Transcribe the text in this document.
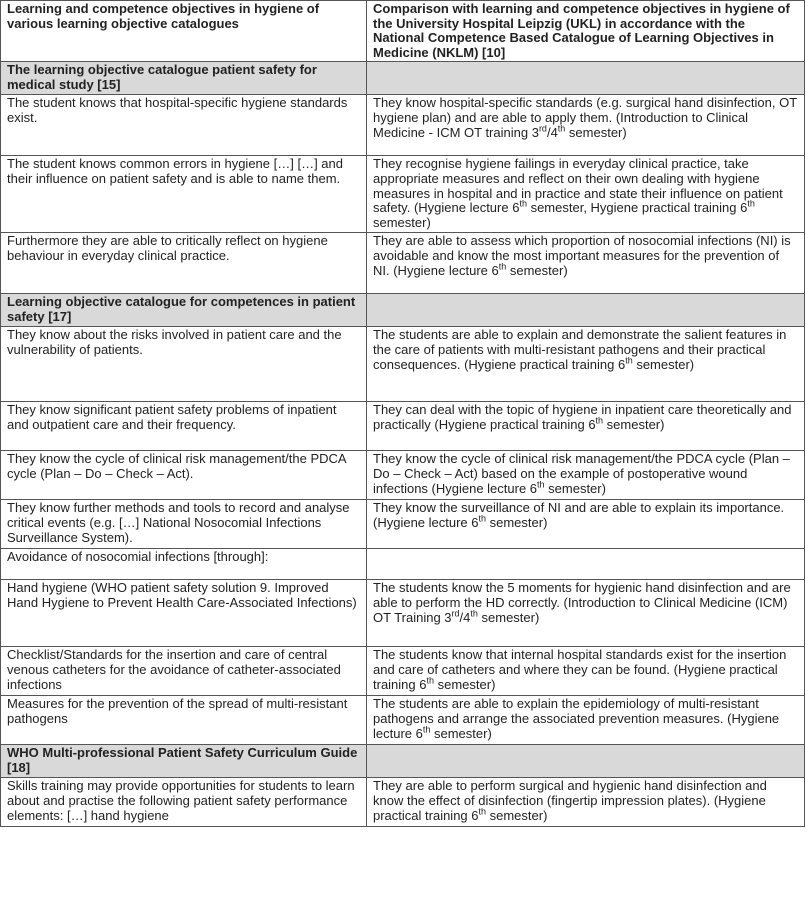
Learning and competence objectives in hygiene of various learning objective catalogues	Comparison with learning and competence objectives in hygiene of the University Hospital Leipzig (UKL) in accordance with the National Competence Based Catalogue of Learning Objectives in Medicine (NKLM) [10]
The learning objective catalogue patient safety for medical study [15]	
The student knows that hospital-specific hygiene standards exist.	They know hospital-specific standards (e.g. surgical hand disinfection, OT hygiene plan) and are able to apply them. (Introduction to Clinical Medicine - ICM OT training 3rd/4th semester)
The student knows common errors in hygiene […] […] and their influence on patient safety and is able to name them.	They recognise hygiene failings in everyday clinical practice, take appropriate measures and reflect on their own dealing with hygiene measures in hospital and in practice and state their influence on patient safety. (Hygiene lecture 6th semester, Hygiene practical training 6th semester)
Furthermore they are able to critically reflect on hygiene behaviour in everyday clinical practice.	They are able to assess which proportion of nosocomial infections (NI) is avoidable and know the most important measures for the prevention of NI. (Hygiene lecture 6th semester)
Learning objective catalogue for competences in patient safety [17]	
They know about the risks involved in patient care and the vulnerability of patients.	The students are able to explain and demonstrate the salient features in the care of patients with multi-resistant pathogens and their practical consequences. (Hygiene practical training 6th semester)
They know significant patient safety problems of inpatient and outpatient care and their frequency.	They can deal with the topic of hygiene in inpatient care theoretically and practically (Hygiene practical training 6th semester)
They know the cycle of clinical risk management/the PDCA cycle (Plan – Do – Check – Act).	They know the cycle of clinical risk management/the PDCA cycle (Plan – Do – Check – Act) based on the example of postoperative wound infections (Hygiene lecture 6th semester)
They know further methods and tools to record and analyse critical events (e.g. […] National Nosocomial Infections Surveillance System).	They know the surveillance of NI and are able to explain its importance. (Hygiene lecture 6th semester)
Avoidance of nosocomial infections [through]:	
Hand hygiene (WHO patient safety solution 9. Improved Hand Hygiene to Prevent Health Care-Associated Infections)	The students know the 5 moments for hygienic hand disinfection and are able to perform the HD correctly. (Introduction to Clinical Medicine (ICM) OT Training 3rd/4th semester)
Checklist/Standards for the insertion and care of central venous catheters for the avoidance of catheter-associated infections	The students know that internal hospital standards exist for the insertion and care of catheters and where they can be found. (Hygiene practical training 6th semester)
Measures for the prevention of the spread of multi-resistant pathogens	The students are able to explain the epidemiology of multi-resistant pathogens and arrange the associated prevention measures. (Hygiene lecture 6th semester)
WHO Multi-professional Patient Safety Curriculum Guide [18]	
Skills training may provide opportunities for students to learn about and practise the following patient safety performance elements: […] hand hygiene	They are able to perform surgical and hygienic hand disinfection and know the effect of disinfection (fingertip impression plates). (Hygiene practical training 6th semester)
